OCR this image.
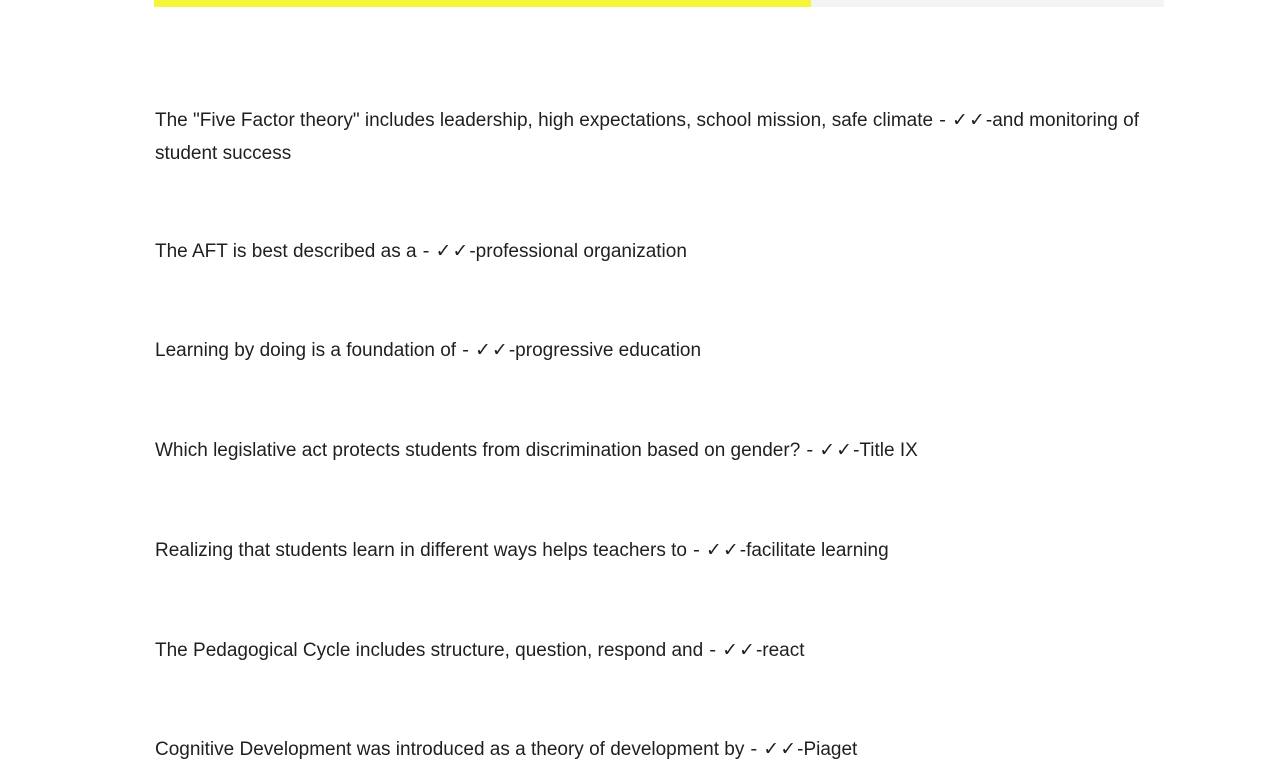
The "Five Factor theory" includes leadership, high expectations, school mission, safe climate - ✓✓-and monitoring of student success

The AFT is best described as a - ✓✓-professional organization

Learning by doing is a foundation of - ✓✓-progressive education

Which legislative act protects students from discrimination based on gender? - ✓✓-Title IX

Realizing that students learn in different ways helps teachers to - ✓✓-facilitate learning

The Pedagogical Cycle includes structure, question, respond and - ✓✓-react

Cognitive Development was introduced as a theory of development by - ✓✓-Piaget
